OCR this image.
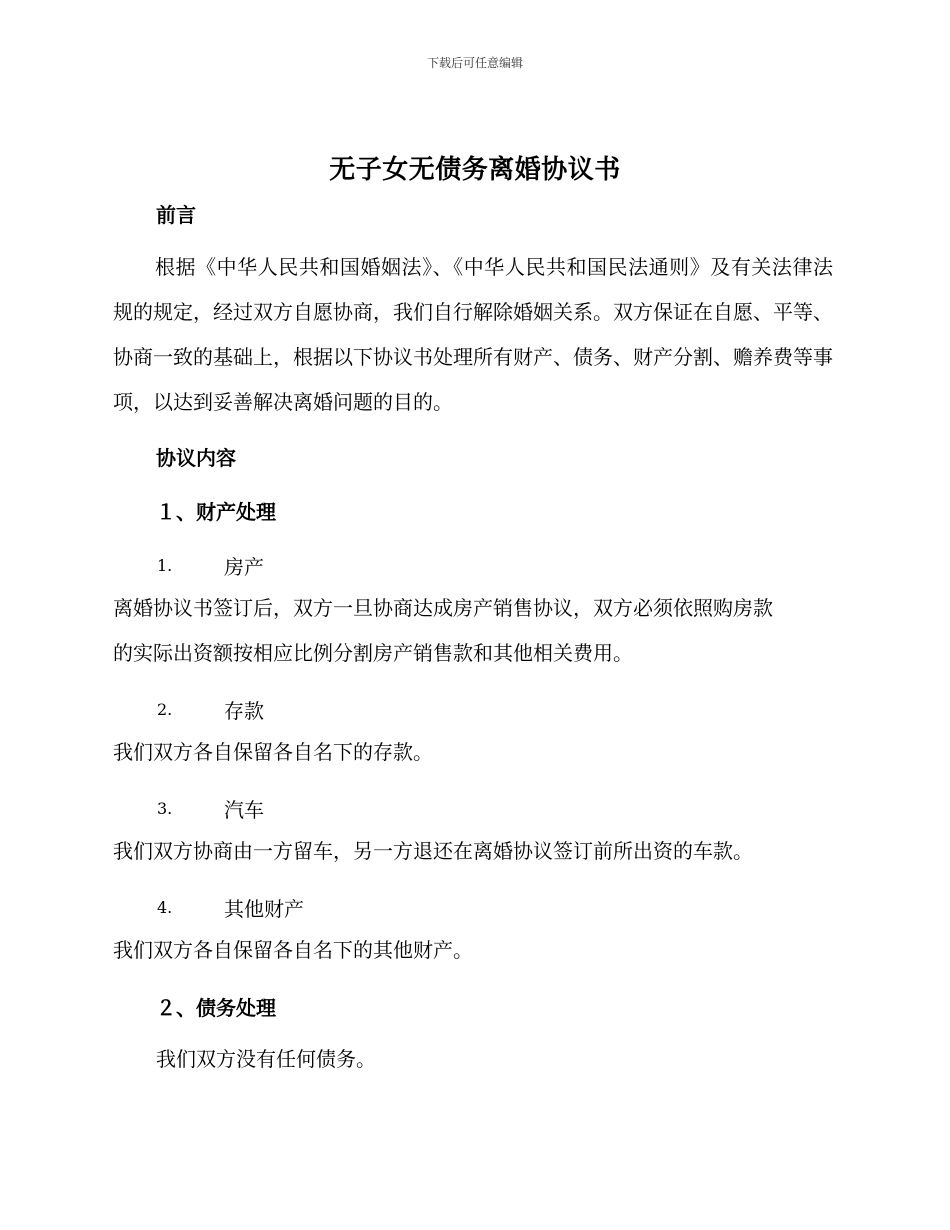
下载后可任意编辑
无子女无债务离婚协议书
前言
根据《中华人民共和国婚姻法》、《中华人民共和国民法通则》及有关法律法规的规定，经过双方自愿协商，我们自行解除婚姻关系。双方保证在自愿、平等、协商一致的基础上，根据以下协议书处理所有财产、债务、财产分割、赡养费等事项，以达到妥善解决离婚问题的目的。
协议内容
１、财产处理
1.	房产
离婚协议书签订后，双方一旦协商达成房产销售协议，双方必须依照购房款
的实际出资额按相应比例分割房产销售款和其他相关费用。
2.	存款
我们双方各自保留各自名下的存款。
3.	汽车
我们双方协商由一方留车，另一方退还在离婚协议签订前所出资的车款。
4.	其他财产
我们双方各自保留各自名下的其他财产。
２、债务处理
我们双方没有任何债务。
